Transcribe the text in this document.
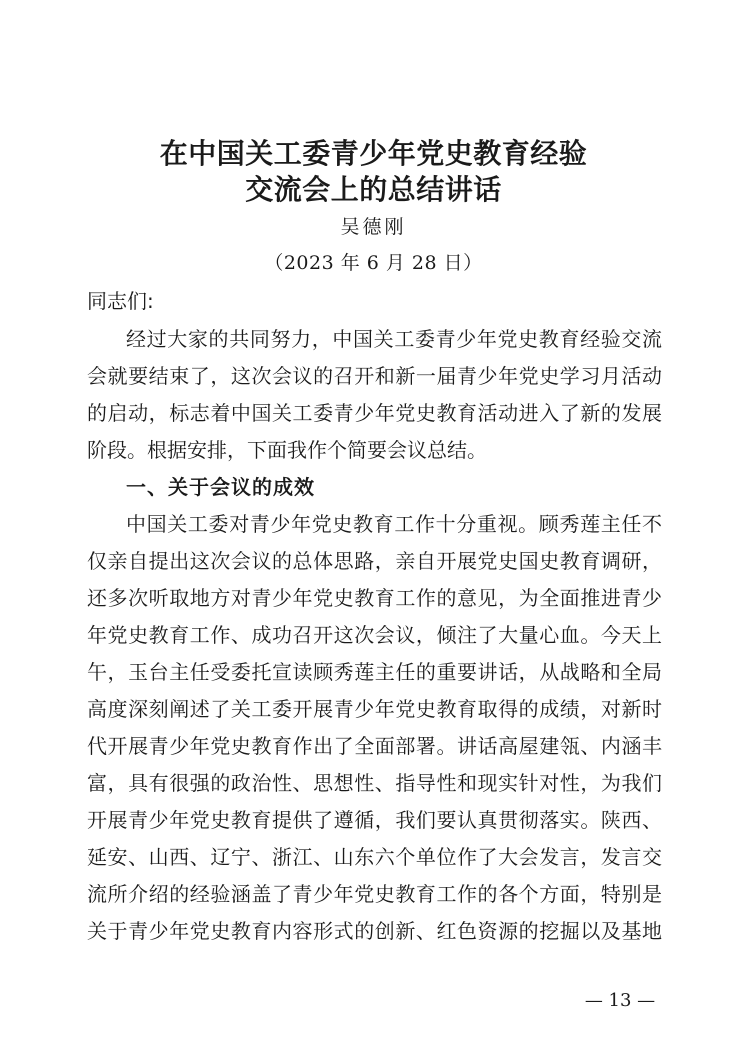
在中国关工委青少年党史教育经验
交流会上的总结讲话
吴德刚
（2023 年 6 月 28 日）
同志们:
经过大家的共同努力，中国关工委青少年党史教育经验交流
会就要结束了，这次会议的召开和新一届青少年党史学习月活动
的启动，标志着中国关工委青少年党史教育活动进入了新的发展
阶段。根据安排，下面我作个简要会议总结。
一、关于会议的成效
中国关工委对青少年党史教育工作十分重视。顾秀莲主任不
仅亲自提出这次会议的总体思路，亲自开展党史国史教育调研，
还多次听取地方对青少年党史教育工作的意见，为全面推进青少
年党史教育工作、成功召开这次会议，倾注了大量心血。今天上
午，玉台主任受委托宣读顾秀莲主任的重要讲话，从战略和全局
高度深刻阐述了关工委开展青少年党史教育取得的成绩，对新时
代开展青少年党史教育作出了全面部署。讲话高屋建瓴、内涵丰
富，具有很强的政治性、思想性、指导性和现实针对性，为我们
开展青少年党史教育提供了遵循，我们要认真贯彻落实。陕西、
延安、山西、辽宁、浙江、山东六个单位作了大会发言，发言交
流所介绍的经验涵盖了青少年党史教育工作的各个方面，特别是
关于青少年党史教育内容形式的创新、红色资源的挖掘以及基地
— 13 —
